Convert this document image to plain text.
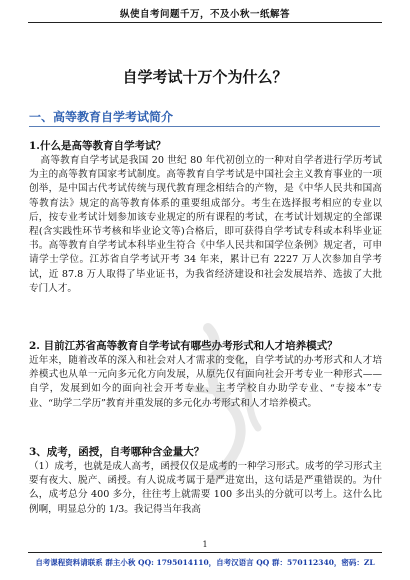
纵使自考问题千万，不及小秋一纸解答
自学考试十万个为什么？
一、高等教育自学考试简介
1.什么是高等教育自学考试？
高等教育自学考试是我国 20 世纪 80 年代初创立的一种对自学者进行学历考试为主的高等教育国家考试制度。高等教育自学考试是中国社会主义教育事业的一项创举，是中国古代考试传统与现代教育理念相结合的产物，是《中华人民共和国高等教育法》规定的高等教育体系的重要组成部分。考生在选择报考相应的专业以后，按专业考试计划参加该专业规定的所有课程的考试，在考试计划规定的全部课程(含实践性环节考核和毕业论文等)合格后，即可获得自学考试专科或本科毕业证书。高等教育自学考试本科毕业生符合《中华人民共和国学位条例》规定者，可申请学士学位。江苏省自学考试开考 34 年来，累计已有 2227 万人次参加自学考试，近 87.8 万人取得了毕业证书，为我省经济建设和社会发展培养、选拔了大批专门人才。
2. 目前江苏省高等教育自学考试有哪些办考形式和人才培养模式？
近年来，随着改革的深入和社会对人才需求的变化，自学考试的办考形式和人才培养模式也从单一元向多元化方向发展，从原先仅有面向社会开考专业一种形式——自学，发展到如今的面向社会开考专业、主考学校自办助学专业、“专接本”专业、“助学二学历”教育并重发展的多元化办考形式和人才培养模式。
3、成考，函授，自考哪种含金量大？
（1）成考，也就是成人高考，函授仅仅是成考的一种学习形式。成考的学习形式主要有夜大、脱产、函授。有人说成考属于是严进宽出，这句话是严重错误的。为什么，成考总分 400 多分，往往考上就需要 100 多出头的分就可以考上。这什么比例啊，明显总分的 1/3。我记得当年我高
1
自考课程资料请联系 群主小秋 QQ: 1795014110，自考汉语言 QQ 群：570112340，密码：ZL
